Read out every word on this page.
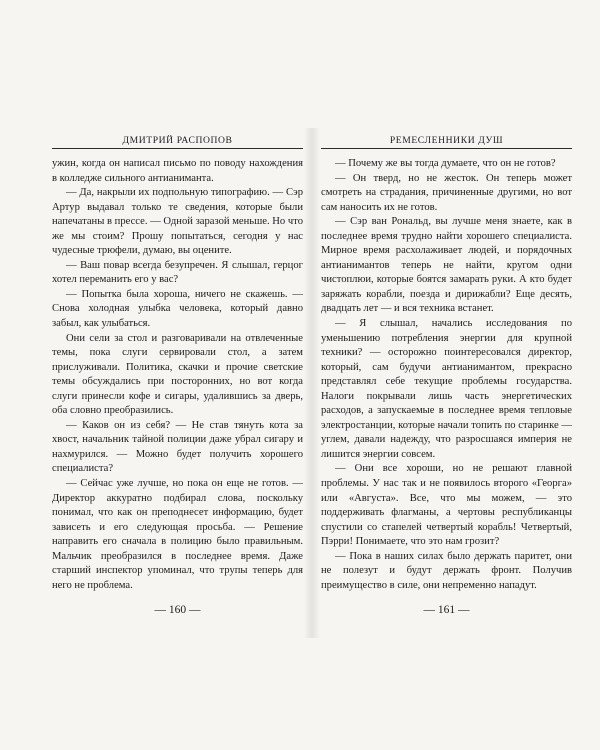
ДМИТРИЙ РАСПОПОВ

ужин, когда он написал письмо по поводу нахождения в колледже сильного антианиманта.

— Да, накрыли их подпольную типографию. — Сэр Артур выдавал только те сведения, которые были напечатаны в прессе. — Одной заразой меньше. Но что же мы стоим? Прошу попытаться, сегодня у нас чудесные трюфели, думаю, вы оцените.

— Ваш повар всегда безупречен. Я слышал, герцог хотел переманить его у вас?

— Попытка была хороша, ничего не скажешь. — Снова холодная улыбка человека, который давно забыл, как улыбаться.

Они сели за стол и разговаривали на отвлеченные темы, пока слуги сервировали стол, а затем прислуживали. Политика, скачки и прочие светские темы обсуждались при посторонних, но вот когда слуги принесли кофе и сигары, удалившись за дверь, оба словно преобразились.

— Каков он из себя? — Не став тянуть кота за хвост, начальник тайной полиции даже убрал сигару и нахмурился. — Можно будет получить хорошего специалиста?

— Сейчас уже лучше, но пока он еще не готов. — Директор аккуратно подбирал слова, поскольку понимал, что как он преподнесет информацию, будет зависеть и его следующая просьба. — Решение направить его сначала в полицию было правильным. Мальчик преобразился в последнее время. Даже старший инспектор упоминал, что трупы теперь для него не проблема.

— 160 —
РЕМЕСЛЕННИКИ ДУШ

— Почему же вы тогда думаете, что он не готов?

— Он тверд, но не жесток. Он теперь может смотреть на страдания, причиненные другими, но вот сам наносить их не готов.

— Сэр ван Рональд, вы лучше меня знаете, как в последнее время трудно найти хорошего специалиста. Мирное время расхолаживает людей, и порядочных антианимантов теперь не найти, кругом одни чистоплюи, которые боятся замарать руки. А кто будет заряжать корабли, поезда и дирижабли? Еще десять, двадцать лет — и вся техника встанет.

— Я слышал, начались исследования по уменьшению потребления энергии для крупной техники? — осторожно поинтересовался директор, который, сам будучи антианимантом, прекрасно представлял себе текущие проблемы государства. Налоги покрывали лишь часть энергетических расходов, а запускаемые в последнее время тепловые электростанции, которые начали топить по старинке — углем, давали надежду, что разросшаяся империя не лишится энергии совсем.

— Они все хороши, но не решают главной проблемы. У нас так и не появилось второго «Георга» или «Августа». Все, что мы можем, — это поддерживать флагманы, а чертовы республиканцы спустили со стапелей четвертый корабль! Четвертый, Пэрри! Понимаете, что это нам грозит?

— Пока в наших силах было держать паритет, они не полезут и будут держать фронт. Получив преимущество в силе, они непременно нападут.

— 161 —
